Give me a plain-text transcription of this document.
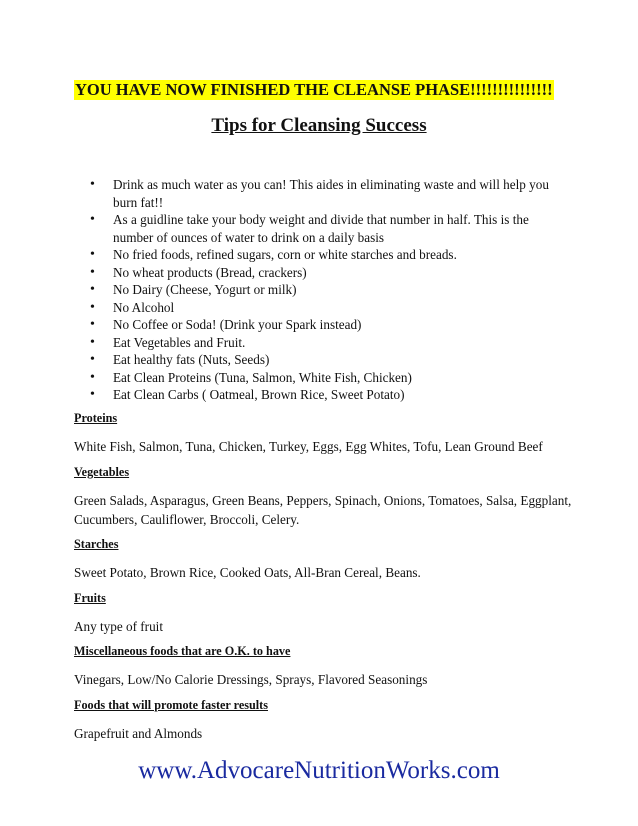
YOU HAVE NOW FINISHED THE CLEANSE PHASE!!!!!!!!!!!!!!!
Tips for Cleansing Success
• Drink as much water as you can! This aides in eliminating waste and will help you burn fat!!
• As a guidline take your body weight and divide that number in half. This is the number of ounces of water to drink on a daily basis
• No fried foods, refined sugars, corn or white starches and breads.
• No wheat products (Bread, crackers)
• No Dairy (Cheese, Yogurt or milk)
• No Alcohol
• No Coffee or Soda! (Drink your Spark instead)
• Eat Vegetables and Fruit.
• Eat healthy fats (Nuts, Seeds)
• Eat Clean Proteins (Tuna, Salmon, White Fish, Chicken)
• Eat Clean Carbs ( Oatmeal, Brown Rice, Sweet Potato)
Proteins
White Fish, Salmon, Tuna, Chicken, Turkey, Eggs, Egg Whites, Tofu, Lean Ground Beef
Vegetables
Green Salads, Asparagus, Green Beans, Peppers, Spinach, Onions, Tomatoes, Salsa, Eggplant, Cucumbers, Cauliflower, Broccoli, Celery.
Starches
Sweet Potato, Brown Rice, Cooked Oats, All-Bran Cereal, Beans.
Fruits
Any type of fruit
Miscellaneous foods that are O.K. to have
Vinegars, Low/No Calorie Dressings, Sprays, Flavored Seasonings
Foods that will promote faster results
Grapefruit and Almonds
www.AdvocareNutritionWorks.com
